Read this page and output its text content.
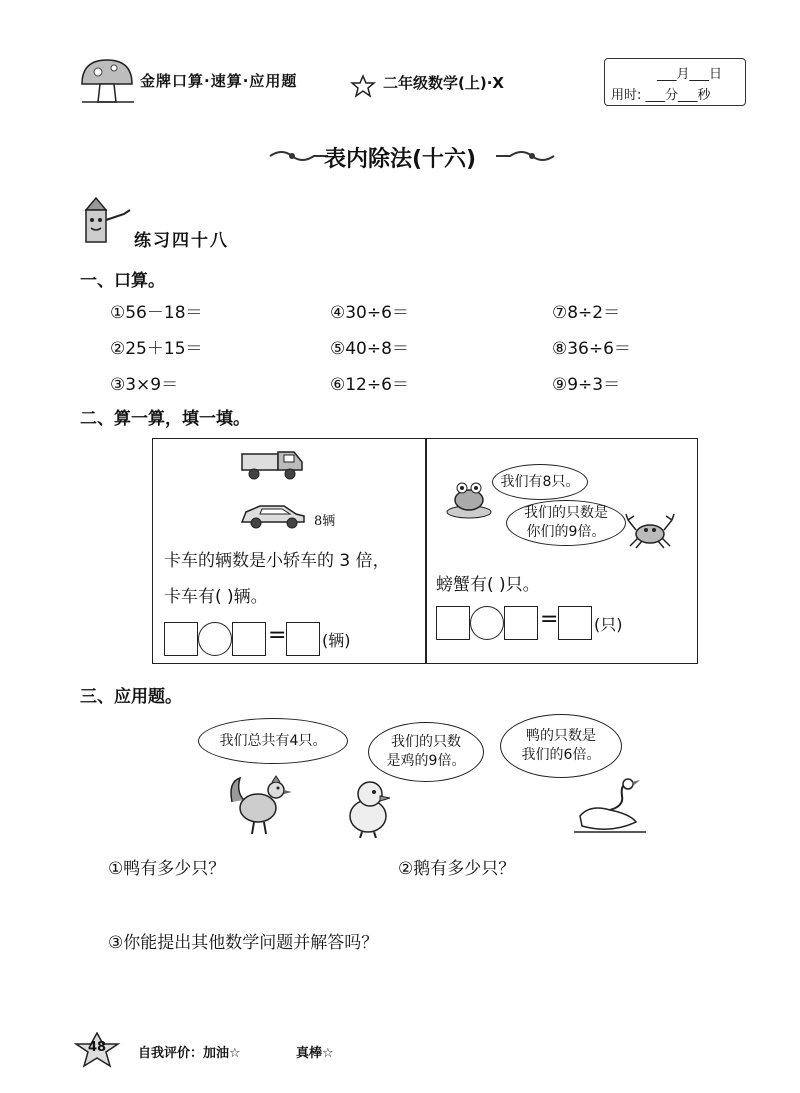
金牌口算·速算·应用题	二年级数学(上)·X	___月___日
用时: ___分___秒
表内除法(十六)
练习四十八
一、口算。
①56－18＝	④30÷6＝	⑦8÷2＝
②25＋15＝	⑤40÷8＝	⑧36÷6＝
③3×9＝	⑥12÷6＝	⑨9÷3＝
二、算一算，填一填。
8辆
卡车的辆数是小轿车的 3 倍，
卡车有( )辆。
= (辆)
我们有8只。
我们的只数是
你们的9倍。
螃蟹有( )只。
= (只)
三、应用题。
我们总共有4只。	我们的只数
是鸡的9倍。
鸭的只数是
我们的6倍。
①鸭有多少只？	②鹅有多少只？
③你能提出其他数学问题并解答吗？
48	自我评价：加油☆	真棒☆
